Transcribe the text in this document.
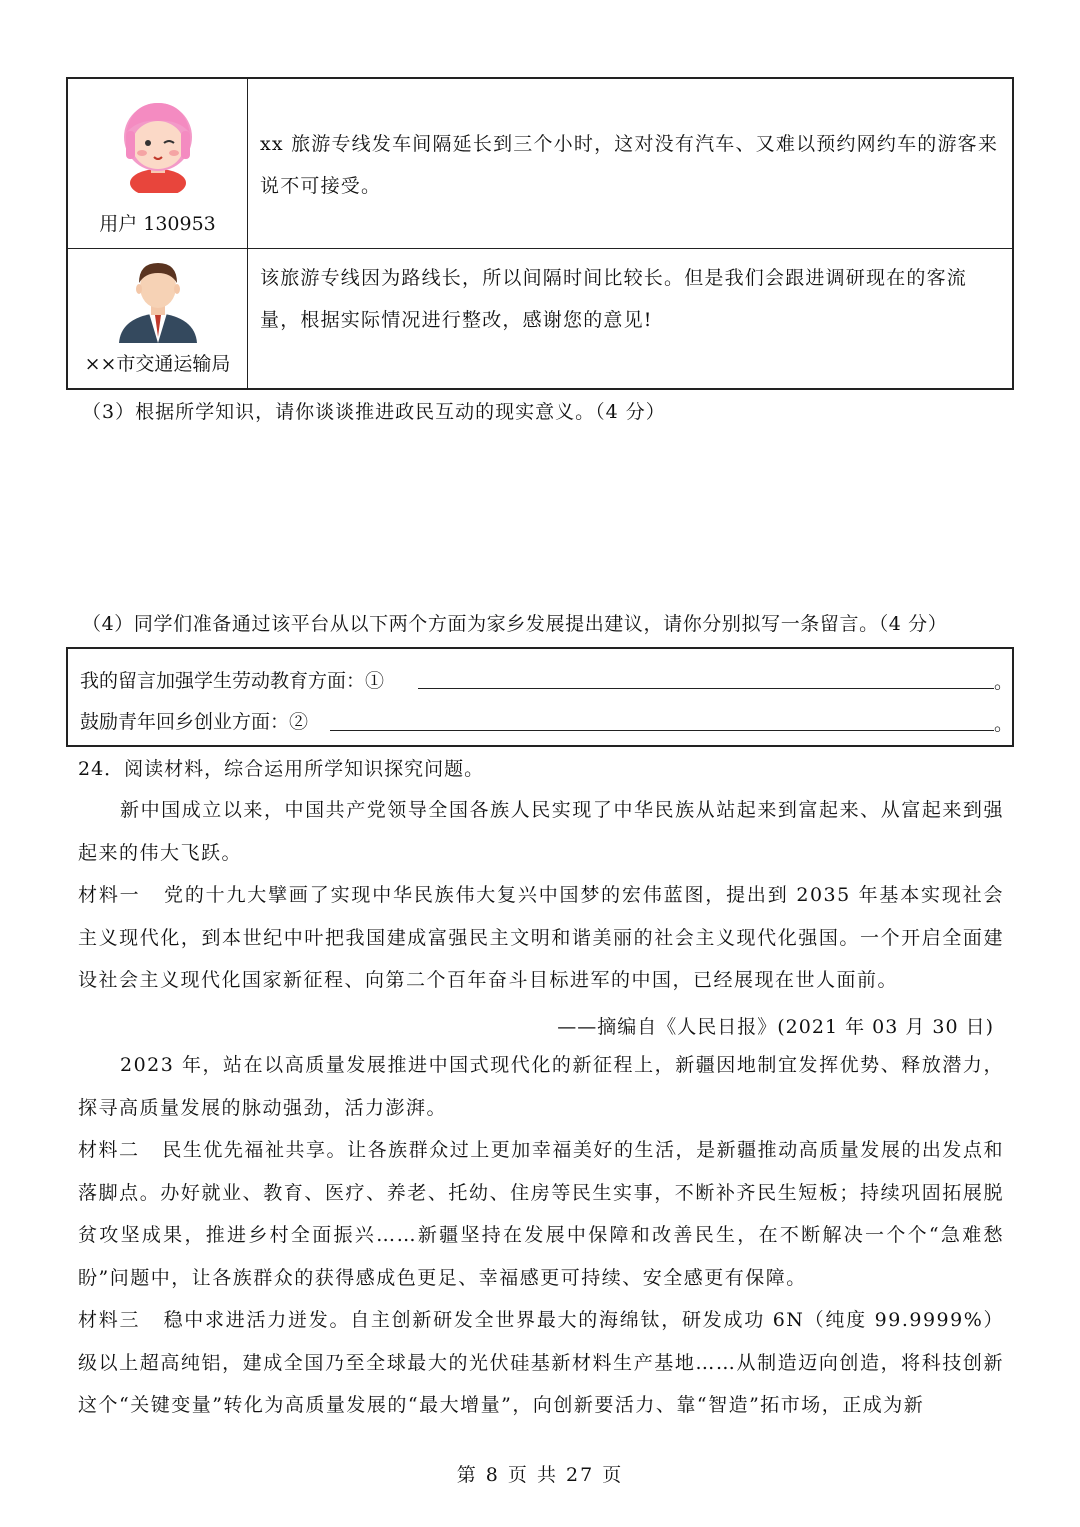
用户 130953
xx 旅游专线发车间隔延长到三个小时，这对没有汽车、又难以预约网约车的游客来说不可接受。
××市交通运输局
该旅游专线因为路线长，所以间隔时间比较长。但是我们会跟进调研现在的客流量，根据实际情况进行整改，感谢您的意见!
（3）根据所学知识，请你谈谈推进政民互动的现实意义。（4 分）
（4）同学们准备通过该平台从以下两个方面为家乡发展提出建议，请你分别拟写一条留言。（4 分）
我的留言加强学生劳动教育方面：①	。
鼓励青年回乡创业方面：②	。
24．阅读材料，综合运用所学知识探究问题。
新中国成立以来，中国共产党领导全国各族人民实现了中华民族从站起来到富起来、从富起来到强起来的伟大飞跃。
材料一 党的十九大擘画了实现中华民族伟大复兴中国梦的宏伟蓝图，提出到 2035 年基本实现社会主义现代化，到本世纪中叶把我国建成富强民主文明和谐美丽的社会主义现代化强国。一个开启全面建设社会主义现代化国家新征程、向第二个百年奋斗目标进军的中国，已经展现在世人面前。
——摘编自《人民日报》(2021 年 03 月 30 日)
2023 年，站在以高质量发展推进中国式现代化的新征程上，新疆因地制宜发挥优势、释放潜力，探寻高质量发展的脉动强劲，活力澎湃。
材料二 民生优先福祉共享。让各族群众过上更加幸福美好的生活，是新疆推动高质量发展的出发点和落脚点。办好就业、教育、医疗、养老、托幼、住房等民生实事，不断补齐民生短板；持续巩固拓展脱贫攻坚成果，推进乡村全面振兴……新疆坚持在发展中保障和改善民生，在不断解决一个个“急难愁盼”问题中，让各族群众的获得感成色更足、幸福感更可持续、安全感更有保障。
材料三 稳中求进活力迸发。自主创新研发全世界最大的海绵钛，研发成功 6N（纯度 99.9999%）级以上超高纯铝，建成全国乃至全球最大的光伏硅基新材料生产基地……从制造迈向创造，将科技创新这个“关键变量”转化为高质量发展的“最大增量”，向创新要活力、靠“智造”拓市场，正成为新
第 8 页 共 27 页
